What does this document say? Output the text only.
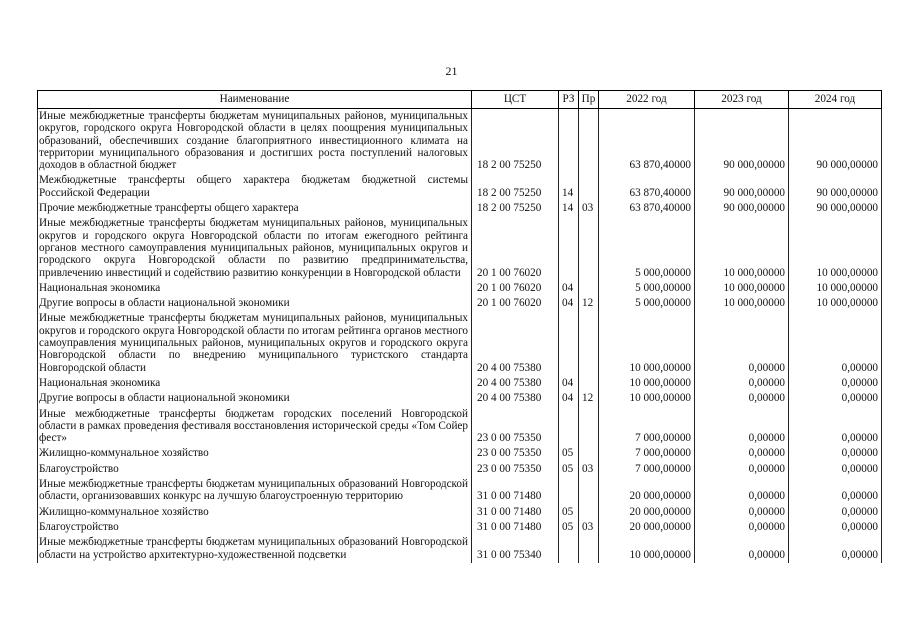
21
Наименование	ЦСТ	РЗ	Пр	2022 год	2023 год	2024 год
Иные межбюджетные трансферты бюджетам муниципальных районов, муниципальных округов, городского округа Новгородской области в целях поощрения муниципальных образований, обеспечивших создание благоприятного инвестиционного климата на территории муниципального образования и достигших роста поступлений налоговых доходов в областной бюджет	18 2 00 75250			63 870,40000	90 000,00000	90 000,00000
Межбюджетные трансферты общего характера бюджетам бюджетной системы Российской Федерации	18 2 00 75250	14		63 870,40000	90 000,00000	90 000,00000
Прочие межбюджетные трансферты общего характера	18 2 00 75250	14	03	63 870,40000	90 000,00000	90 000,00000
Иные межбюджетные трансферты бюджетам муниципальных районов, муниципальных округов и городского округа Новгородской области по итогам ежегодного рейтинга органов местного самоуправления муниципальных районов, муниципальных округов и городского округа Новгородской области по развитию предпринимательства, привлечению инвестиций и содействию развитию конкуренции в Новгородской области	20 1 00 76020			5 000,00000	10 000,00000	10 000,00000
Национальная экономика	20 1 00 76020	04		5 000,00000	10 000,00000	10 000,00000
Другие вопросы в области национальной экономики	20 1 00 76020	04	12	5 000,00000	10 000,00000	10 000,00000
Иные межбюджетные трансферты бюджетам муниципальных районов, муниципальных округов и городского округа Новгородской области по итогам рейтинга органов местного самоуправления муниципальных районов, муниципальных округов и городского округа Новгородской области по внедрению муниципального туристского стандарта Новгородской области	20 4 00 75380			10 000,00000	0,00000	0,00000
Национальная экономика	20 4 00 75380	04		10 000,00000	0,00000	0,00000
Другие вопросы в области национальной экономики	20 4 00 75380	04	12	10 000,00000	0,00000	0,00000
Иные межбюджетные трансферты бюджетам городских поселений Новгородской области в рамках проведения фестиваля восстановления исторической среды «Том Сойер фест»	23 0 00 75350			7 000,00000	0,00000	0,00000
Жилищно-коммунальное хозяйство	23 0 00 75350	05		7 000,00000	0,00000	0,00000
Благоустройство	23 0 00 75350	05	03	7 000,00000	0,00000	0,00000
Иные межбюджетные трансферты бюджетам муниципальных образований Новгородской области, организовавших конкурс на лучшую благоустроенную территорию	31 0 00 71480			20 000,00000	0,00000	0,00000
Жилищно-коммунальное хозяйство	31 0 00 71480	05		20 000,00000	0,00000	0,00000
Благоустройство	31 0 00 71480	05	03	20 000,00000	0,00000	0,00000
Иные межбюджетные трансферты бюджетам муниципальных образований Новгородской области на устройство архитектурно-художественной подсветки	31 0 00 75340			10 000,00000	0,00000	0,00000
